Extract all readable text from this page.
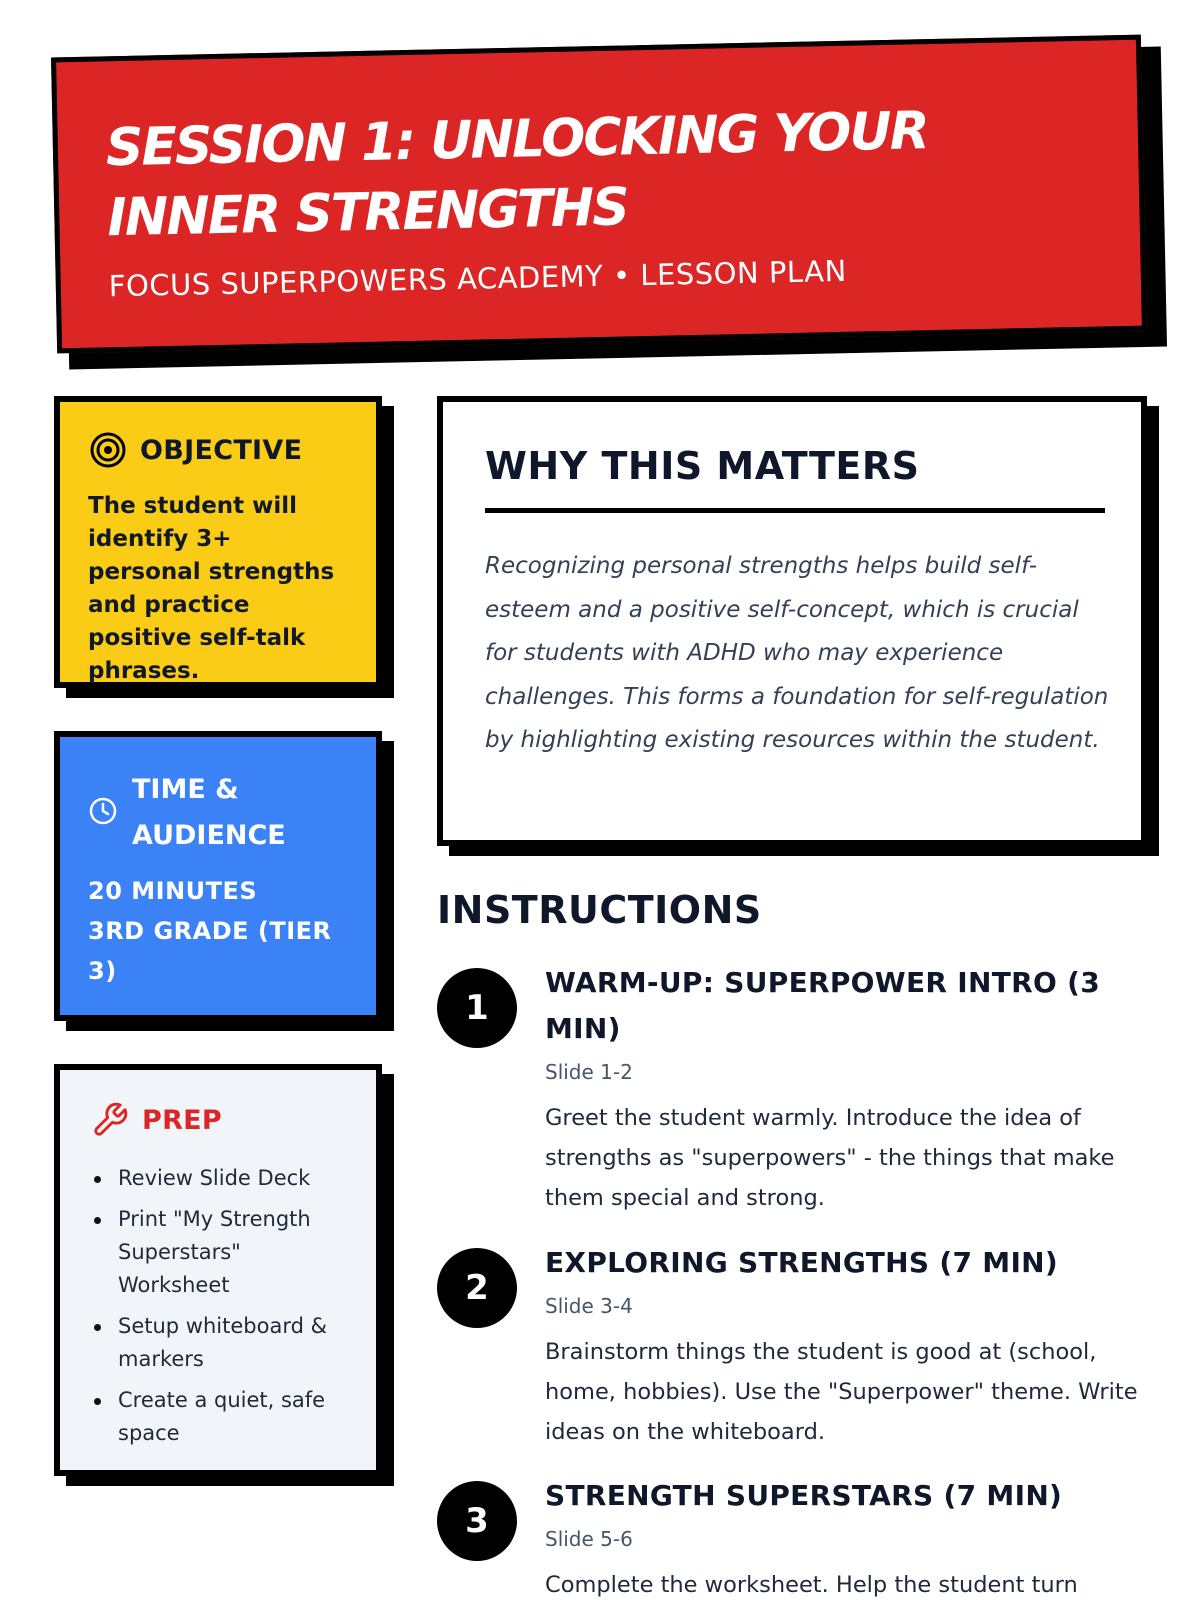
SESSION 1: UNLOCKING YOUR INNER STRENGTHS
FOCUS SUPERPOWERS ACADEMY • LESSON PLAN
OBJECTIVE
The student will identify 3+ personal strengths and practice positive self-talk phrases.
TIME & AUDIENCE
20 MINUTES
3RD GRADE (TIER 3)
PREP
Review Slide Deck
Print "My Strength Superstars" Worksheet
Setup whiteboard & markers
Create a quiet, safe space
WHY THIS MATTERS
Recognizing personal strengths helps build self-esteem and a positive self-concept, which is crucial for students with ADHD who may experience challenges. This forms a foundation for self-regulation by highlighting existing resources within the student.
INSTRUCTIONS
1
WARM-UP: SUPERPOWER INTRO (3 MIN)
Slide 1-2
Greet the student warmly. Introduce the idea of strengths as "superpowers" - the things that make them special and strong.
2
EXPLORING STRENGTHS (7 MIN)
Slide 3-4
Brainstorm things the student is good at (school, home, hobbies). Use the "Superpower" theme. Write ideas on the whiteboard.
3
STRENGTH SUPERSTARS (7 MIN)
Slide 5-6
Complete the worksheet. Help the student turn
